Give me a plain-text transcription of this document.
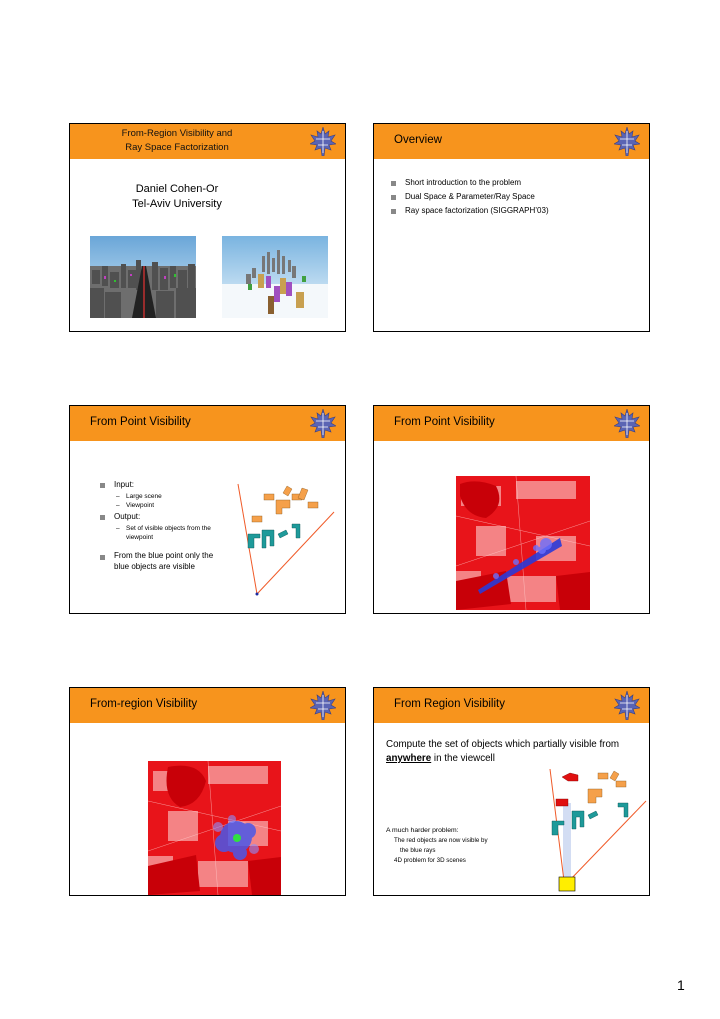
From-Region Visibility and
Ray Space Factorization
Daniel Cohen-Or
Tel-Aviv University
Overview
Short introduction to the problem
Dual Space & Parameter/Ray Space
Ray space factorization (SIGGRAPH’03)
From Point Visibility
Input:
– Large scene
– Viewpoint
Output:
– Set of visible objects from the viewpoint
From the blue point only the blue objects are visible
From Point Visibility
From-region Visibility	From Region Visibility
Compute the set of objects which partially visible from anywhere in the viewcell
A much harder problem:
The red objects are now visible by
the blue rays
4D problem for 3D scenes
1
